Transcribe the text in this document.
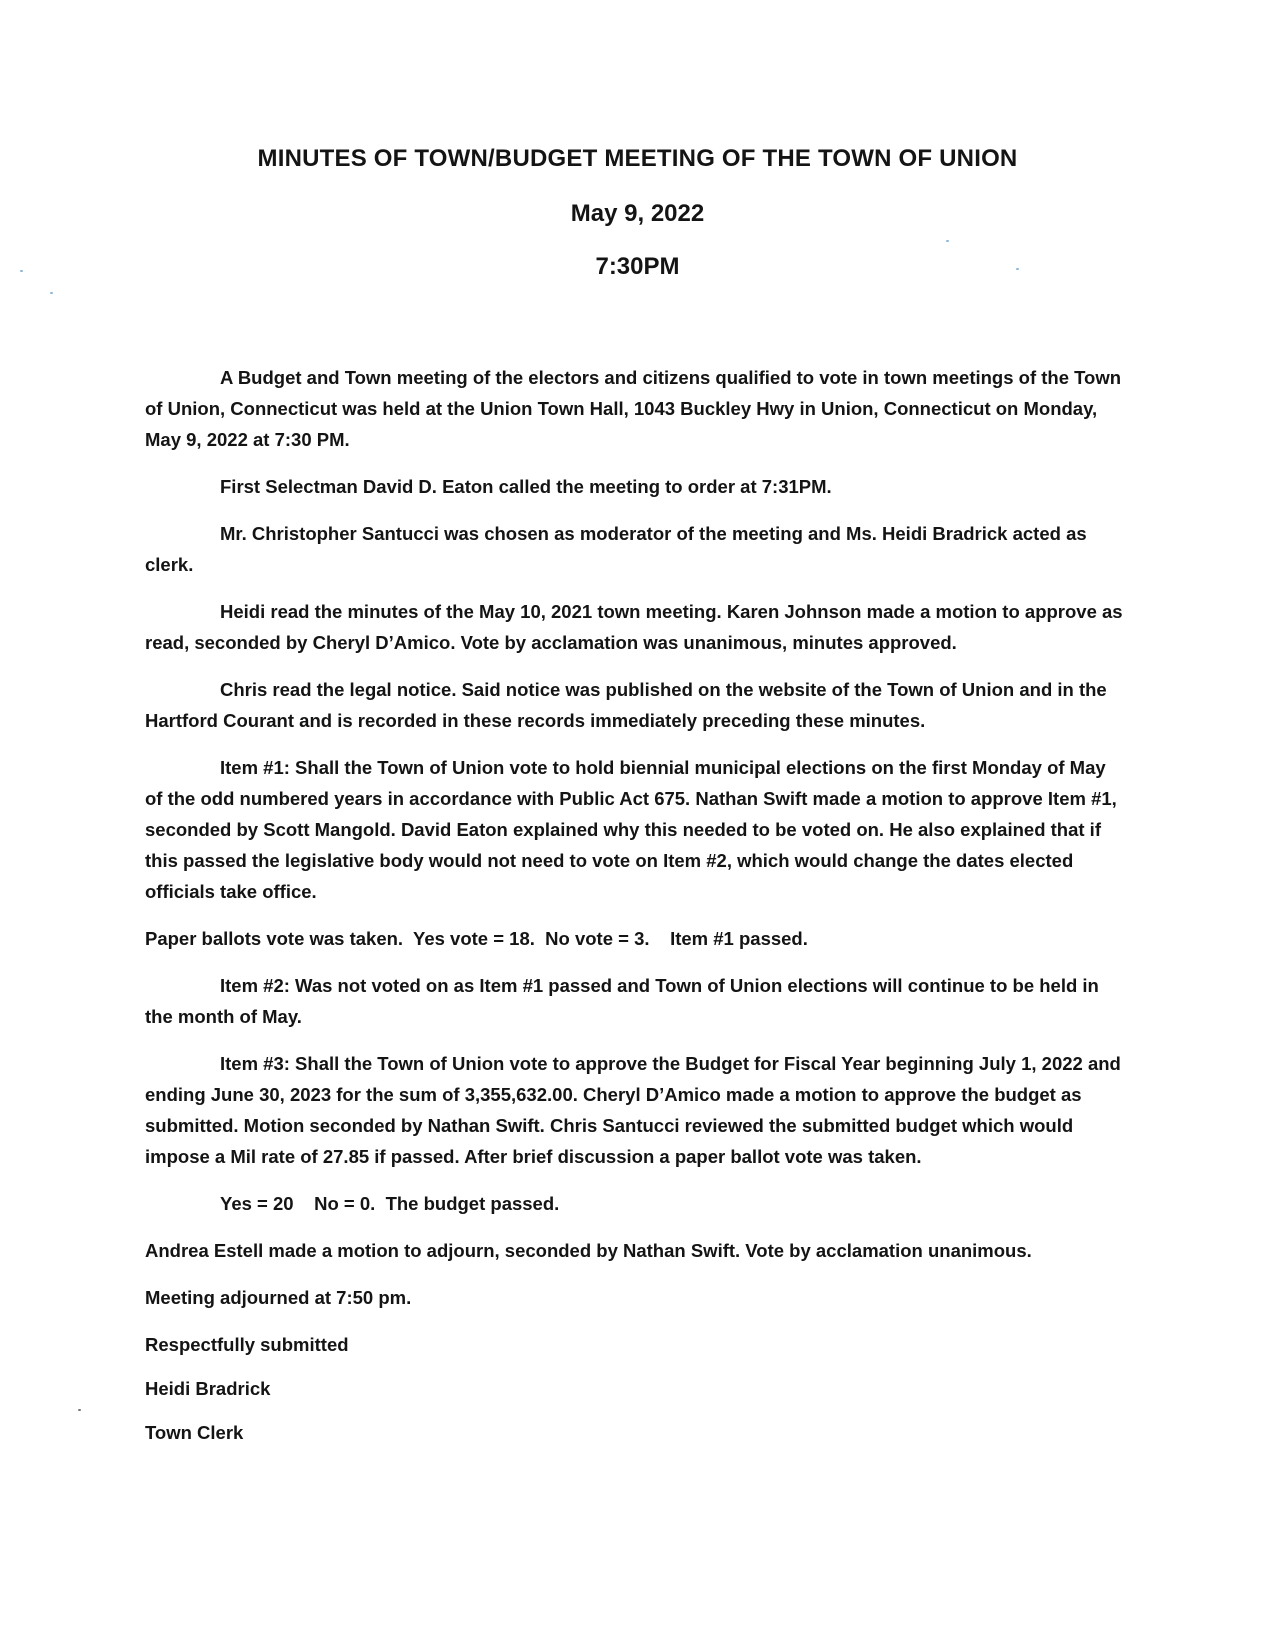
MINUTES OF TOWN/BUDGET MEETING OF THE TOWN OF UNION
May 9, 2022
7:30PM

A Budget and Town meeting of the electors and citizens qualified to vote in town meetings of the Town of Union, Connecticut was held at the Union Town Hall, 1043 Buckley Hwy in Union, Connecticut on Monday, May 9, 2022 at 7:30 PM.

First Selectman David D. Eaton called the meeting to order at 7:31PM.

Mr. Christopher Santucci was chosen as moderator of the meeting and Ms. Heidi Bradrick acted as clerk.

Heidi read the minutes of the May 10, 2021 town meeting. Karen Johnson made a motion to approve as read, seconded by Cheryl D’Amico. Vote by acclamation was unanimous, minutes approved.

Chris read the legal notice. Said notice was published on the website of the Town of Union and in the Hartford Courant and is recorded in these records immediately preceding these minutes.

Item #1: Shall the Town of Union vote to hold biennial municipal elections on the first Monday of May of the odd numbered years in accordance with Public Act 675. Nathan Swift made a motion to approve Item #1, seconded by Scott Mangold. David Eaton explained why this needed to be voted on. He also explained that if this passed the legislative body would not need to vote on Item #2, which would change the dates elected officials take office.

Paper ballots vote was taken.  Yes vote = 18.  No vote = 3.    Item #1 passed.

Item #2: Was not voted on as Item #1 passed and Town of Union elections will continue to be held in the month of May.

Item #3: Shall the Town of Union vote to approve the Budget for Fiscal Year beginning July 1, 2022 and ending June 30, 2023 for the sum of 3,355,632.00. Cheryl D’Amico made a motion to approve the budget as submitted. Motion seconded by Nathan Swift. Chris Santucci reviewed the submitted budget which would impose a Mil rate of 27.85 if passed. After brief discussion a paper ballot vote was taken.

Yes = 20    No = 0.  The budget passed.

Andrea Estell made a motion to adjourn, seconded by Nathan Swift. Vote by acclamation unanimous.

Meeting adjourned at 7:50 pm.

Respectfully submitted

Heidi Bradrick

Town Clerk
